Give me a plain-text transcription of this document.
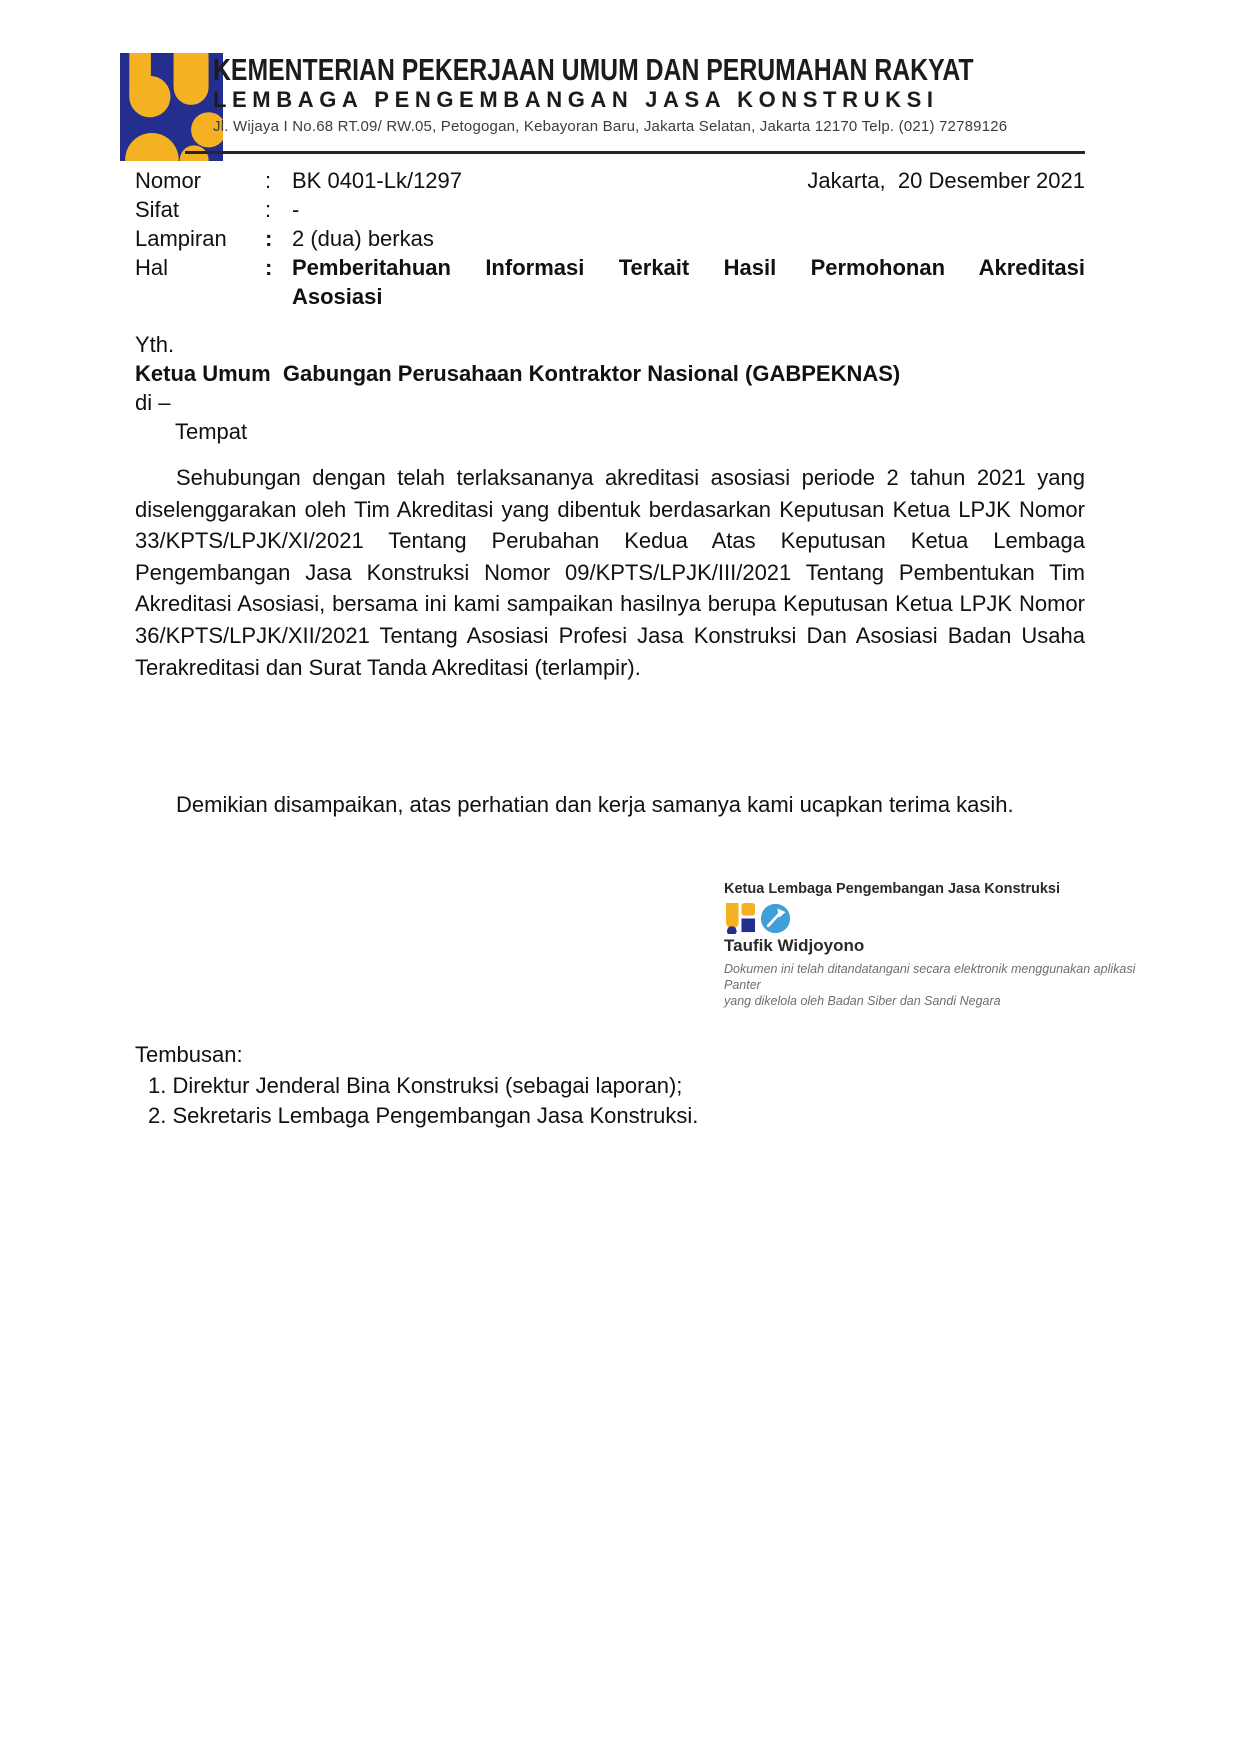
KEMENTERIAN PEKERJAAN UMUM DAN PERUMAHAN RAKYAT
LEMBAGA PENGEMBANGAN JASA KONSTRUKSI
Jl. Wijaya I No.68 RT.09/ RW.05, Petogogan, Kebayoran Baru, Jakarta Selatan, Jakarta 12170 Telp. (021) 72789126
Jakarta,  20 Desember 2021
Nomor	: BK 0401-Lk/1297
Sifat	: -
Lampiran	: 2 (dua) berkas
Hal	: Pemberitahuan Informasi Terkait Hasil Permohonan Akreditasi
Asosiasi
Yth.
Ketua Umum  Gabungan Perusahaan Kontraktor Nasional (GABPEKNAS)
di –
Tempat
Sehubungan dengan telah terlaksananya akreditasi asosiasi periode 2 tahun 2021 yang diselenggarakan oleh Tim Akreditasi yang dibentuk berdasarkan Keputusan Ketua LPJK Nomor 33/KPTS/LPJK/XI/2021 Tentang Perubahan Kedua Atas Keputusan Ketua Lembaga Pengembangan Jasa Konstruksi Nomor 09/KPTS/LPJK/III/2021 Tentang Pembentukan Tim Akreditasi Asosiasi, bersama ini kami sampaikan hasilnya berupa Keputusan Ketua LPJK Nomor 36/KPTS/LPJK/XII/2021 Tentang Asosiasi Profesi Jasa Konstruksi Dan Asosiasi Badan Usaha Terakreditasi dan Surat Tanda Akreditasi (terlampir).
Demikian disampaikan, atas perhatian dan kerja samanya kami ucapkan terima kasih.
Ketua Lembaga Pengembangan Jasa Konstruksi
Taufik Widjoyono
Dokumen ini telah ditandatangani secara elektronik menggunakan aplikasi Panter
yang dikelola oleh Badan Siber dan Sandi Negara
Tembusan:
1. Direktur Jenderal Bina Konstruksi (sebagai laporan);
2. Sekretaris Lembaga Pengembangan Jasa Konstruksi.
